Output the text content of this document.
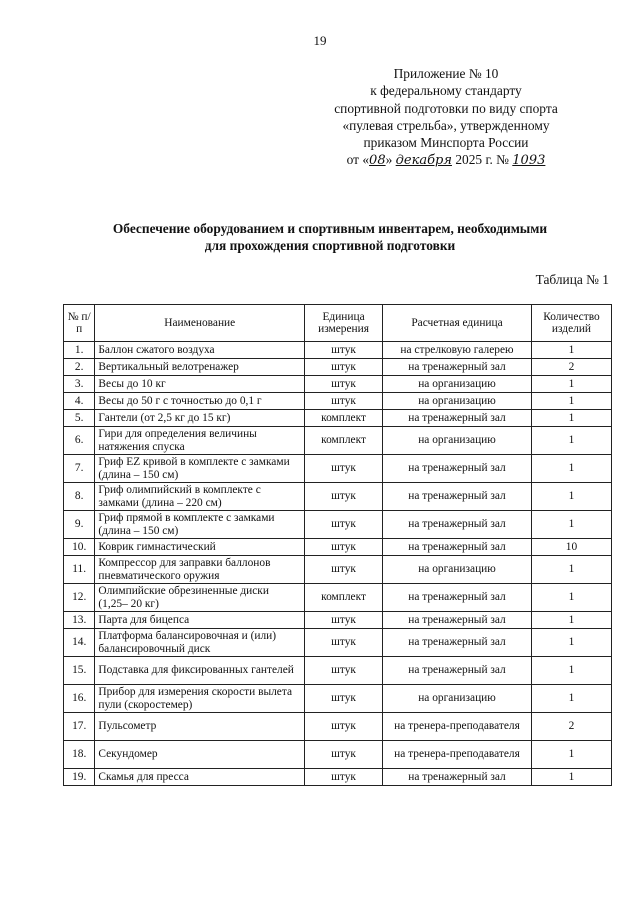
19
Приложение № 10
к федеральному стандарту
спортивной подготовки по виду спорта
«пулевая стрельба», утвержденному
приказом Минспорта России
от «08» декабря 2025 г. № 1093
Обеспечение оборудованием и спортивным инвентарем, необходимыми
для прохождения спортивной подготовки
Таблица № 1
№ п/п	Наименование	Единица измерения	Расчетная единица	Количество изделий
1.	Баллон сжатого воздуха	штук	на стрелковую галерею	1
2.	Вертикальный велотренажер	штук	на тренажерный зал	2
3.	Весы до 10 кг	штук	на организацию	1
4.	Весы до 50 г с точностью до 0,1 г	штук	на организацию	1
5.	Гантели (от 2,5 кг до 15 кг)	комплект	на тренажерный зал	1
6.	Гири для определения величины натяжения спуска	комплект	на организацию	1
7.	Гриф EZ кривой в комплекте с замками (длина – 150 см)	штук	на тренажерный зал	1
8.	Гриф олимпийский в комплекте с замками (длина – 220 см)	штук	на тренажерный зал	1
9.	Гриф прямой в комплекте с замками (длина – 150 см)	штук	на тренажерный зал	1
10.	Коврик гимнастический	штук	на тренажерный зал	10
11.	Компрессор для заправки баллонов пневматического оружия	штук	на организацию	1
12.	Олимпийские обрезиненные диски (1,25– 20 кг)	комплект	на тренажерный зал	1
13.	Парта для бицепса	штук	на тренажерный зал	1
14.	Платформа балансировочная и (или) балансировочный диск	штук	на тренажерный зал	1
15.	Подставка для фиксированных гантелей	штук	на тренажерный зал	1
16.	Прибор для измерения скорости вылета пули (скоростемер)	штук	на организацию	1
17.	Пульсометр	штук	на тренера-преподавателя	2
18.	Секундомер	штук	на тренера-преподавателя	1
19.	Скамья для пресса	штук	на тренажерный зал	1
